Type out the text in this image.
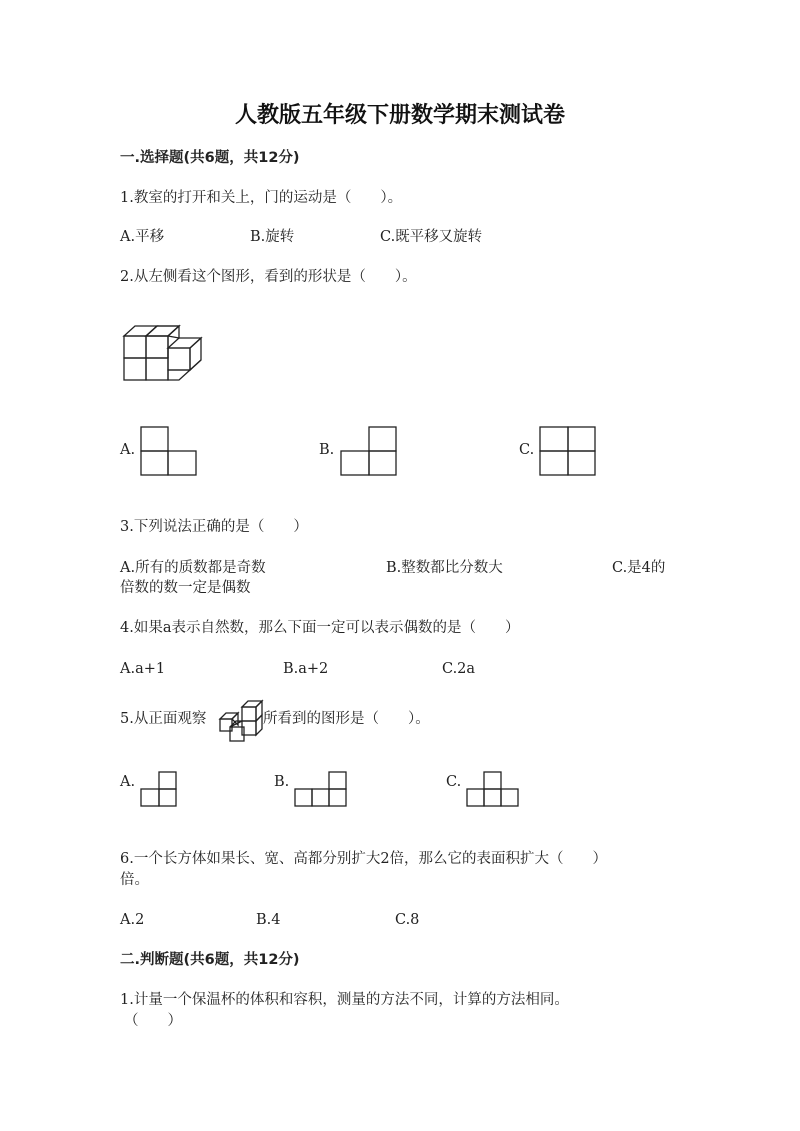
人教版五年级下册数学期末测试卷
一.选择题(共6题，共12分)
1.教室的打开和关上，门的运动是（　　）。
A.平移	B.旋转	C.既平移又旋转
2.从左侧看这个图形，看到的形状是（　　）。
A.	B.	C.
3.下列说法正确的是（　　）
A.所有的质数都是奇数	B.整数都比分数大	C.是4的
倍数的数一定是偶数
4.如果a表示自然数，那么下面一定可以表示偶数的是（　　）
A.a+1	B.a+2	C.2a
5.从正面观察	所看到的图形是（　　）。
A.	B.	C.
6.一个长方体如果长、宽、高都分别扩大2倍，那么它的表面积扩大（　　）
倍。
A.2	B.4	C.8
二.判断题(共6题，共12分)
1.计量一个保温杯的体积和容积，测量的方法不同，计算的方法相同。
（　　）
